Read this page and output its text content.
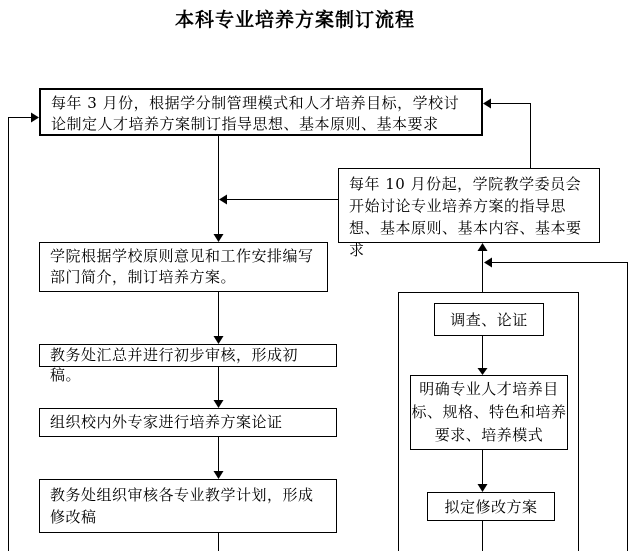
本科专业培养方案制订流程
每年 3 月份，根据学分制管理模式和人才培养目标，学校讨论制定人才培养方案制订指导思想、基本原则、基本要求
每年 10 月份起，学院教学委员会开始讨论专业培养方案的指导思想、基本原则、基本内容、基本要求
学院根据学校原则意见和工作安排编写部门简介，制订培养方案。
教务处汇总并进行初步审核，形成初稿。
组织校内外专家进行培养方案论证
教务处组织审核各专业教学计划，形成修改稿
调查、论证
明确专业人才培养目标、规格、特色和培养要求、培养模式
拟定修改方案
